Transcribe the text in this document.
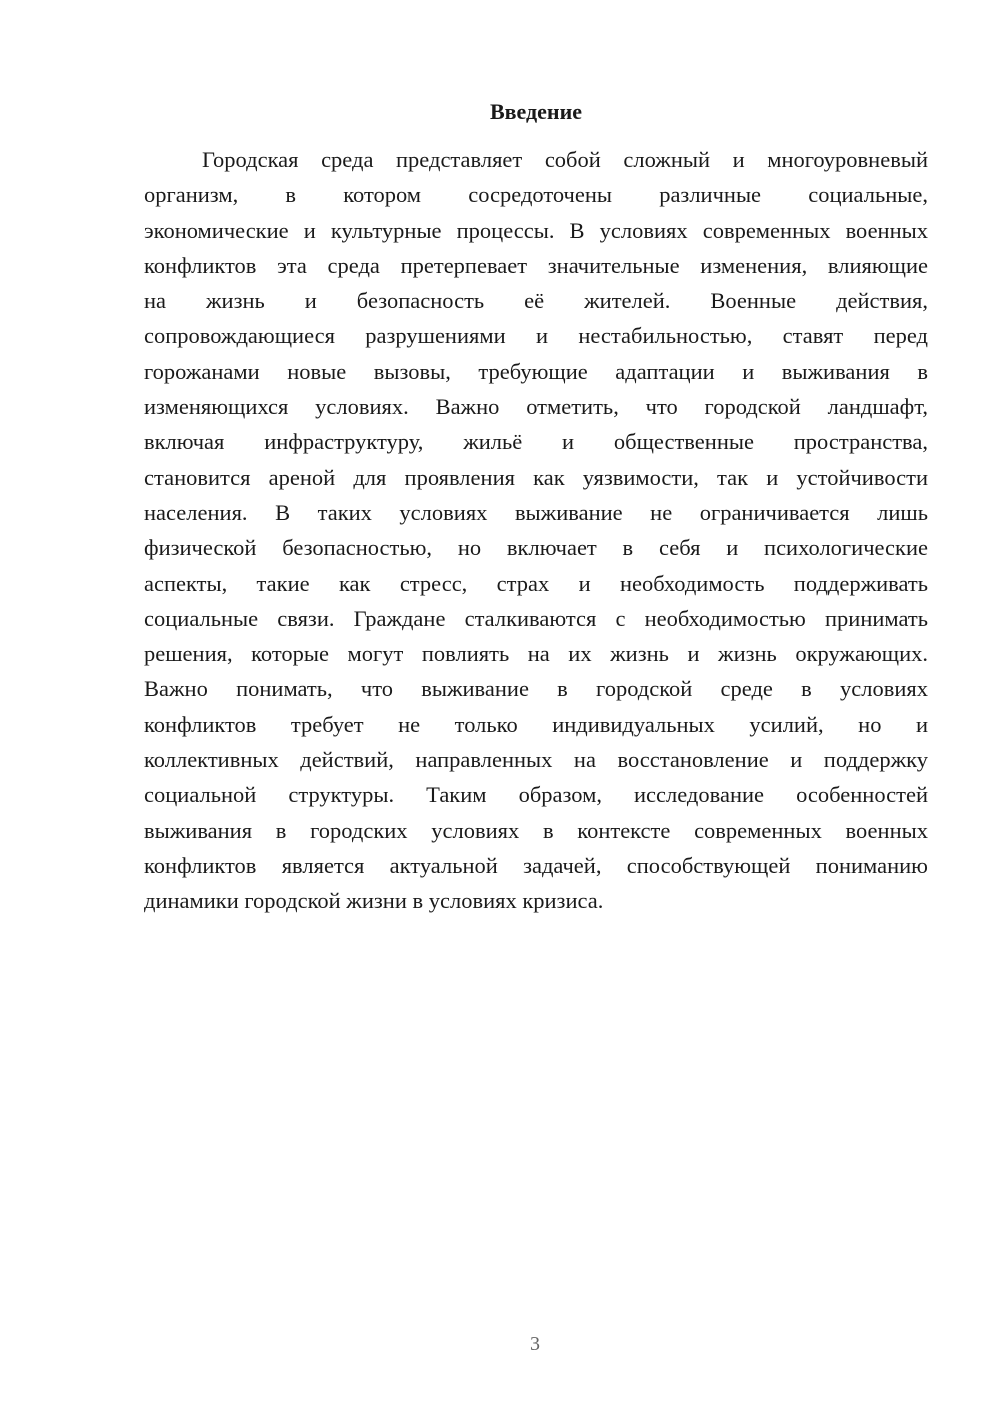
Введение
Городская среда представляет собой сложный и многоуровневый
организм, в котором сосредоточены различные социальные,
экономические и культурные процессы. В условиях современных военных
конфликтов эта среда претерпевает значительные изменения, влияющие
на жизнь и безопасность её жителей. Военные действия,
сопровождающиеся разрушениями и нестабильностью, ставят перед
горожанами новые вызовы, требующие адаптации и выживания в
изменяющихся условиях. Важно отметить, что городской ландшафт,
включая инфраструктуру, жильё и общественные пространства,
становится ареной для проявления как уязвимости, так и устойчивости
населения. В таких условиях выживание не ограничивается лишь
физической безопасностью, но включает в себя и психологические
аспекты, такие как стресс, страх и необходимость поддерживать
социальные связи. Граждане сталкиваются с необходимостью принимать
решения, которые могут повлиять на их жизнь и жизнь окружающих.
Важно понимать, что выживание в городской среде в условиях
конфликтов требует не только индивидуальных усилий, но и
коллективных действий, направленных на восстановление и поддержку
социальной структуры. Таким образом, исследование особенностей
выживания в городских условиях в контексте современных военных
конфликтов является актуальной задачей, способствующей пониманию
динамики городской жизни в условиях кризиса.
3
